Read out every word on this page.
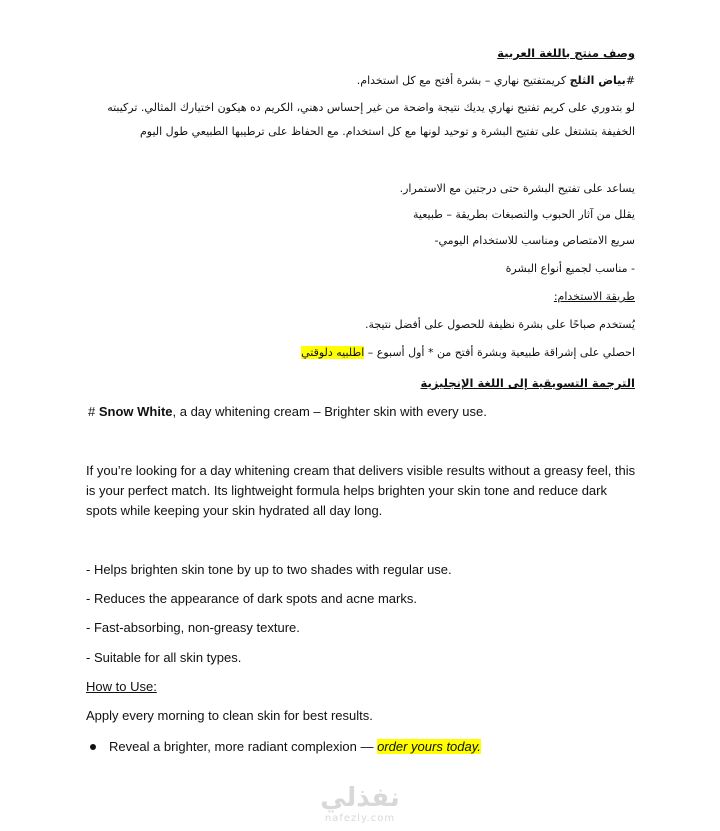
وصف منتج باللغة العربية
#بياض الثلج كريمتفتيح نهاري – بشرة أفتح مع كل استخدام.
لو بتدوري على كريم تفتيح نهاري يديك نتيجة واضحة من غير إحساس دهني، الكريم ده هيكون اختيارك المثالي. تركيبته الخفيفة بتشتغل على تفتيح البشرة و توحيد لونها مع كل استخدام. مع الحفاظ على ترطيبها الطبيعي طول اليوم
يساعد على تفتيح البشرة حتى درجتين مع الاستمرار.
يقلل من آثار الحبوب والتصبغات بطريقة – طبيعية
سريع الامتصاص ومناسب للاستخدام اليومي-
- مناسب لجميع أنواع البشرة
طريقة الاستخدام:
يُستخدم صباحًا على بشرة نظيفة للحصول على أفضل نتيجة.
احصلي على إشراقة طبيعية وبشرة أفتح من * أول أسبوع – اطلبيه دلوقتي
الترجمة التسويقية إلى اللغة الإنجليزية
# Snow White, a day whitening cream – Brighter skin with every use.
If you’re looking for a day whitening cream that delivers visible results without a greasy feel, this is your perfect match. Its lightweight formula helps brighten your skin tone and reduce dark spots while keeping your skin hydrated all day long.
- Helps brighten skin tone by up to two shades with regular use.
- Reduces the appearance of dark spots and acne marks.
- Fast-absorbing, non-greasy texture.
- Suitable for all skin types.
How to Use:
Apply every morning to clean skin for best results.
Reveal a brighter, more radiant complexion — order yours today.
نفذلي
nafezly.com
